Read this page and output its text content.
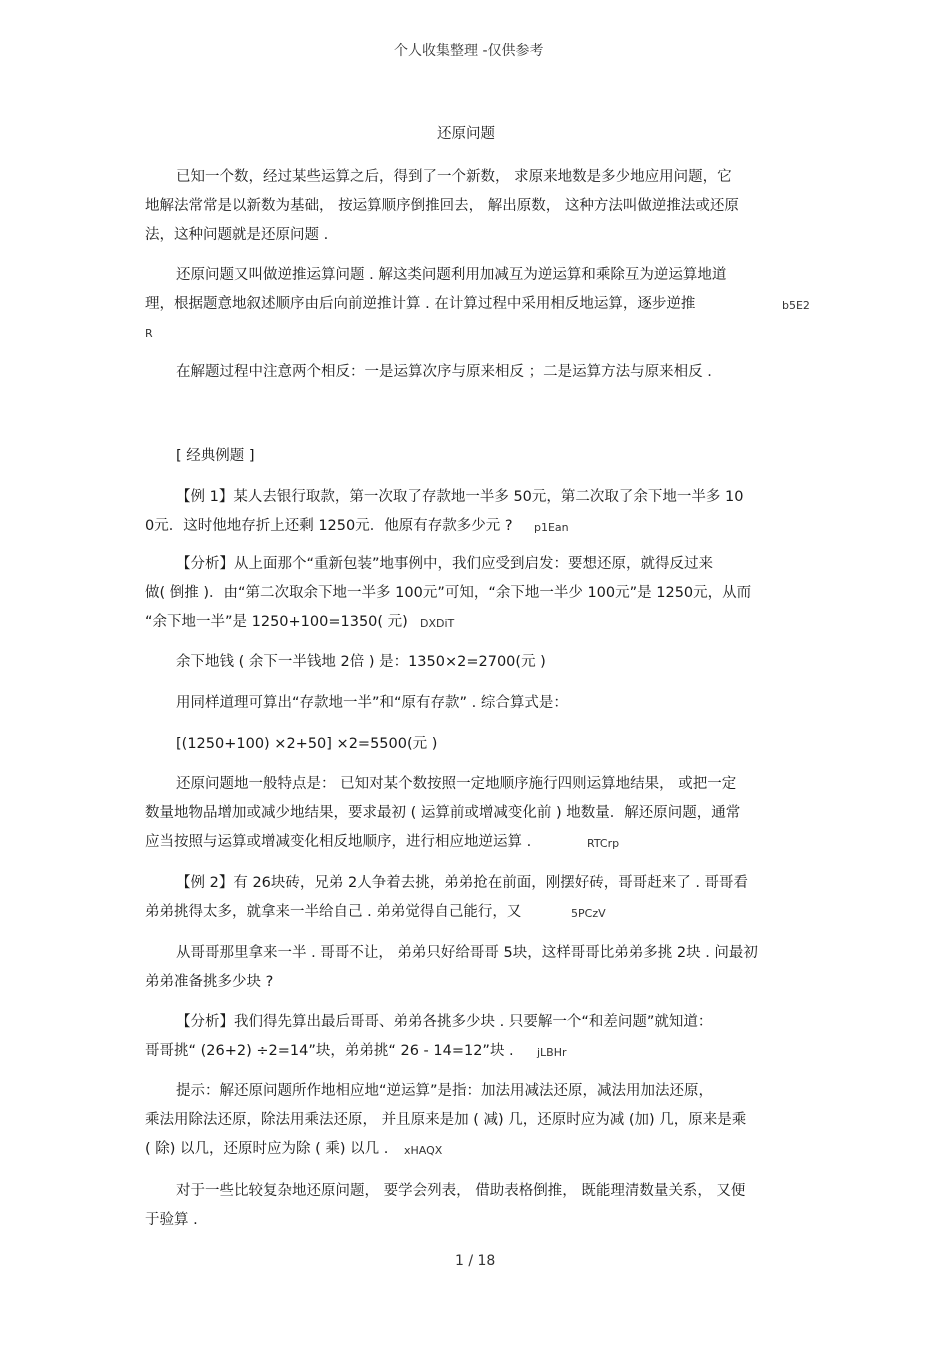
个人收集整理 -仅供参考
还原问题
已知一个数，经过某些运算之后，得到了一个新数， 求原来地数是多少地应用问题，它
地解法常常是以新数为基础， 按运算顺序倒推回去， 解出原数， 这种方法叫做逆推法或还原
法，这种问题就是还原问题 .
还原问题又叫做逆推运算问题 . 解这类问题利用加减互为逆运算和乘除互为逆运算地道
理，根据题意地叙述顺序由后向前逆推计算 . 在计算过程中采用相反地运算，逐步逆推	b5E2
R
在解题过程中注意两个相反：一是运算次序与原来相反 ；二是运算方法与原来相反 .
[ 经典例题 ]
【例 1】某人去银行取款，第一次取了存款地一半多 50元，第二次取了余下地一半多 10
0元．这时他地存折上还剩 1250元．他原有存款多少元 ? p1Ean
【分析】从上面那个“重新包装”地事例中，我们应受到启发：要想还原，就得反过来
做( 倒推 )．由“第二次取余下地一半多 100元”可知，“余下地一半少 100元”是 1250元，从而
“余下地一半”是 1250+100=1350( 元) DXDiT
余下地钱 ( 余下一半钱地 2倍 ) 是：1350×2=2700(元 )
用同样道理可算出“存款地一半”和“原有存款” . 综合算式是：
[(1250+100) ×2+50] ×2=5500(元 )
还原问题地一般特点是： 已知对某个数按照一定地顺序施行四则运算地结果， 或把一定
数量地物品增加或减少地结果，要求最初 ( 运算前或增减变化前 ) 地数量．解还原问题，通常
应当按照与运算或增减变化相反地顺序，进行相应地逆运算 .	RTCrp
【例 2】有 26块砖，兄弟 2人争着去挑，弟弟抢在前面，刚摆好砖，哥哥赶来了 . 哥哥看
弟弟挑得太多，就拿来一半给自己 . 弟弟觉得自己能行，又	5PCzV
从哥哥那里拿来一半 . 哥哥不让， 弟弟只好给哥哥 5块，这样哥哥比弟弟多挑 2块 . 问最初
弟弟准备挑多少块 ?
【分析】我们得先算出最后哥哥、弟弟各挑多少块 . 只要解一个“和差问题”就知道：
哥哥挑“ (26+2) ÷2=14”块，弟弟挑“ 26 - 14=12”块 . jLBHr
提示：解还原问题所作地相应地“逆运算”是指：加法用减法还原，减法用加法还原，
乘法用除法还原，除法用乘法还原， 并且原来是加 ( 减) 几，还原时应为减 (加) 几，原来是乘
( 除) 以几，还原时应为除 ( 乘) 以几 . xHAQX
对于一些比较复杂地还原问题， 要学会列表， 借助表格倒推， 既能理清数量关系， 又便
于验算 .
1 / 18
